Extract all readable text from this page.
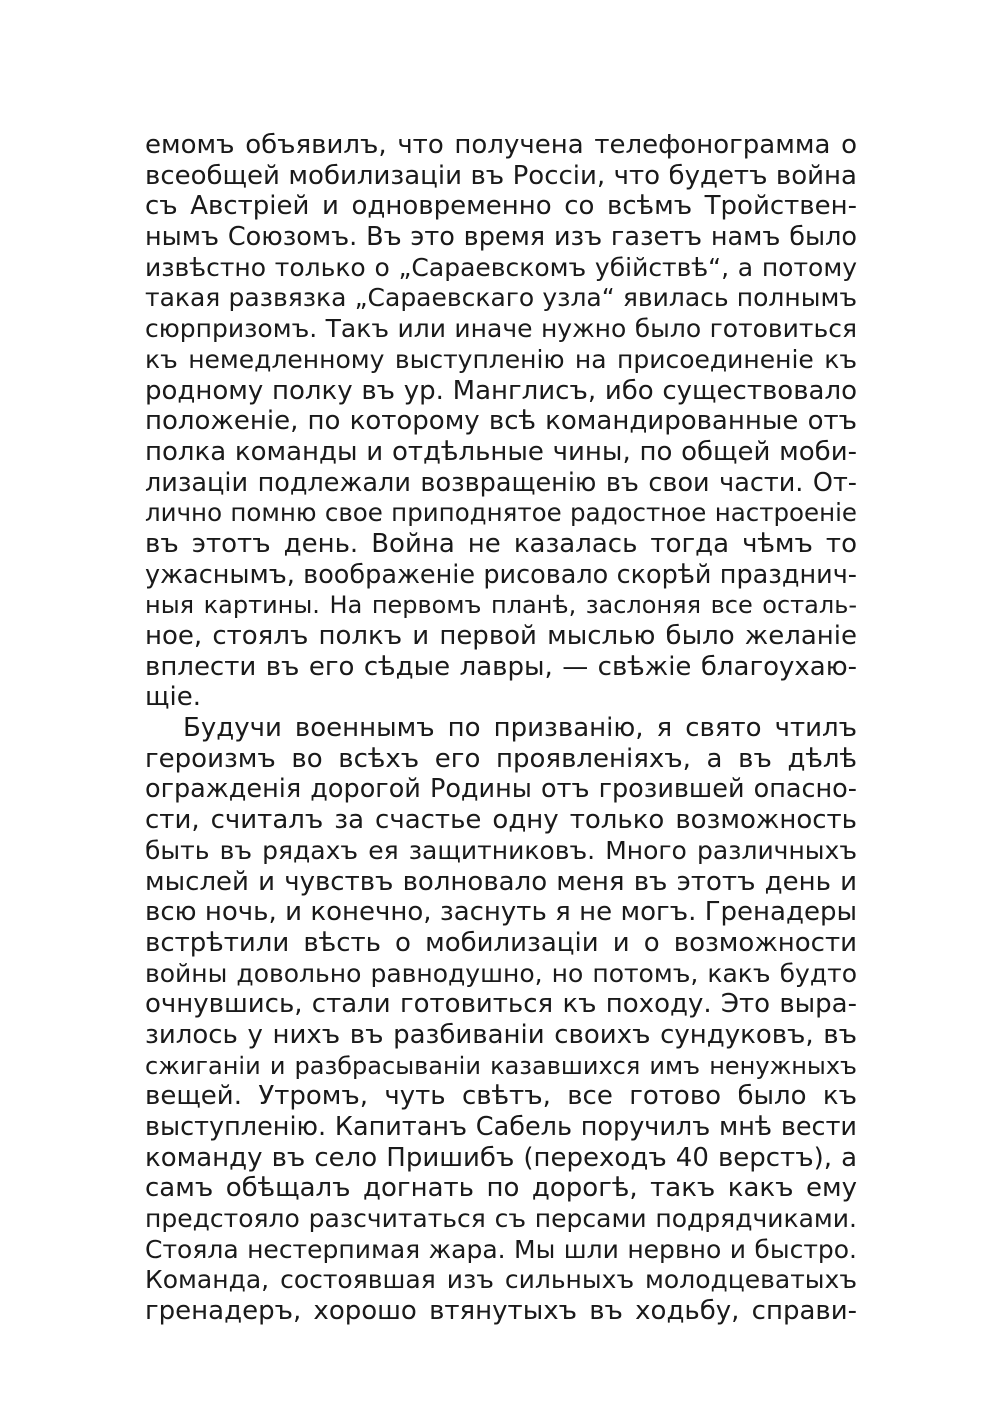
емомъ объявилъ, что получена телефонограмма о
всеобщей мобилизаціи въ Россіи, что будетъ война
съ Австріей и одновременно со всѣмъ Тройствен-
нымъ Союзомъ. Въ это время изъ газетъ намъ было
извѣстно только о „Сараевскомъ убійствѣ“, а потому
такая развязка „Сараевскаго узла“ явилась полнымъ
сюрпризомъ. Такъ или иначе нужно было готовиться
къ немедленному выступленію на присоединеніе къ
родному полку въ ур. Манглисъ, ибо существовало
положеніе, по которому всѣ командированные отъ
полка команды и отдѣльные чины, по общей моби-
лизаціи подлежали возвращенію въ свои части. От-
лично помню свое приподнятое радостное настроеніе
въ этотъ день. Война не казалась тогда чѣмъ то
ужаснымъ, воображеніе рисовало скорѣй празднич-
ныя картины. На первомъ планѣ, заслоняя все осталь-
ное, стоялъ полкъ и первой мыслью было желаніе
вплести въ его сѣдые лавры, — свѣжіе благоухаю-
щіе.
Будучи военнымъ по призванію, я свято чтилъ
героизмъ во всѣхъ его проявленіяхъ, а въ дѣлѣ
огражденія дорогой Родины отъ грозившей опасно-
сти, считалъ за счастье одну только возможность
быть въ рядахъ ея защитниковъ. Много различныхъ
мыслей и чувствъ волновало меня въ этотъ день и
всю ночь, и конечно, заснуть я не могъ. Гренадеры
встрѣтили вѣсть о мобилизаціи и о возможности
войны довольно равнодушно, но потомъ, какъ будто
очнувшись, стали готовиться къ походу. Это выра-
зилось у нихъ въ разбиваніи своихъ сундуковъ, въ
сжиганіи и разбрасываніи казавшихся имъ ненужныхъ
вещей. Утромъ, чуть свѣтъ, все готово было къ
выступленію. Капитанъ Сабель поручилъ мнѣ вести
команду въ село Пришибъ (переходъ 40 верстъ), а
самъ обѣщалъ догнать по дорогѣ, такъ какъ ему
предстояло разсчитаться съ персами подрядчиками.
Стояла нестерпимая жара. Мы шли нервно и быстро.
Команда, состоявшая изъ сильныхъ молодцеватыхъ
гренадеръ, хорошо втянутыхъ въ ходьбу, справи-
